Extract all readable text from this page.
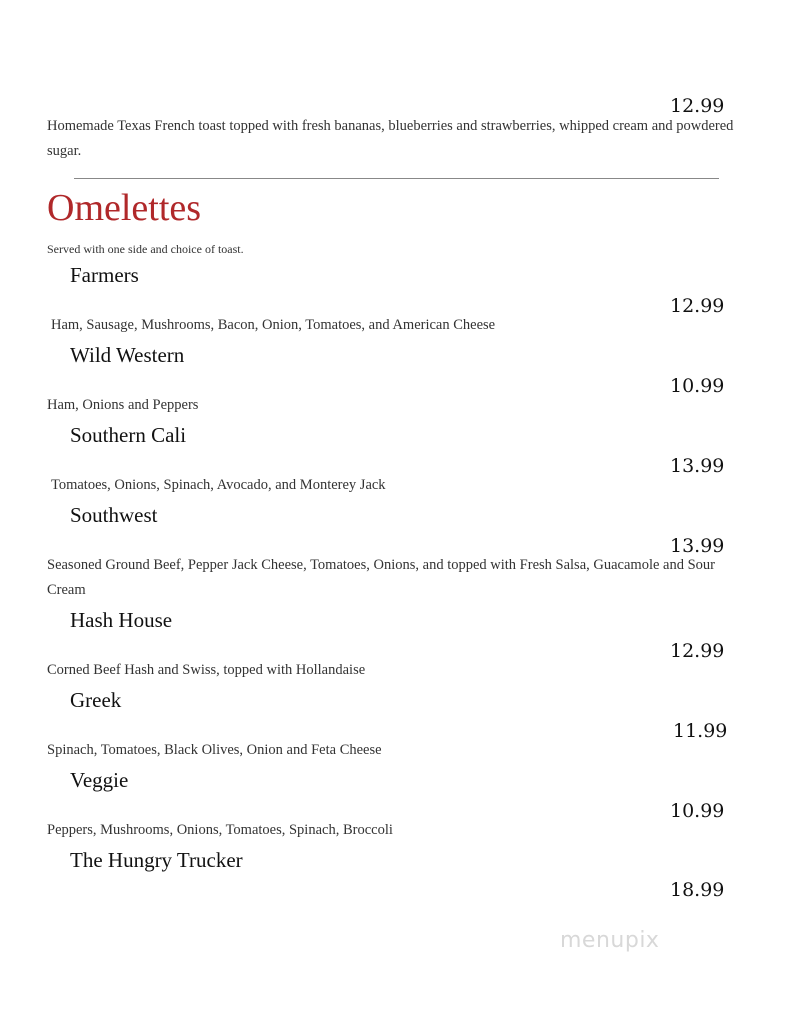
12.99
Homemade Texas French toast topped with fresh bananas, blueberries and strawberries, whipped cream and powdered sugar.
Omelettes
Served with one side and choice of toast.
Farmers
12.99
Ham, Sausage, Mushrooms, Bacon, Onion, Tomatoes, and American Cheese
Wild Western
10.99
Ham, Onions and Peppers
Southern Cali
13.99
Tomatoes, Onions, Spinach, Avocado, and Monterey Jack
Southwest
13.99
Seasoned Ground Beef, Pepper Jack Cheese, Tomatoes, Onions, and topped with Fresh Salsa, Guacamole and Sour Cream
Hash House
12.99
Corned Beef Hash and Swiss, topped with Hollandaise
Greek
11.99
Spinach, Tomatoes, Black Olives, Onion and Feta Cheese
Veggie
10.99
Peppers, Mushrooms, Onions, Tomatoes, Spinach, Broccoli
The Hungry Trucker
18.99
menupix
